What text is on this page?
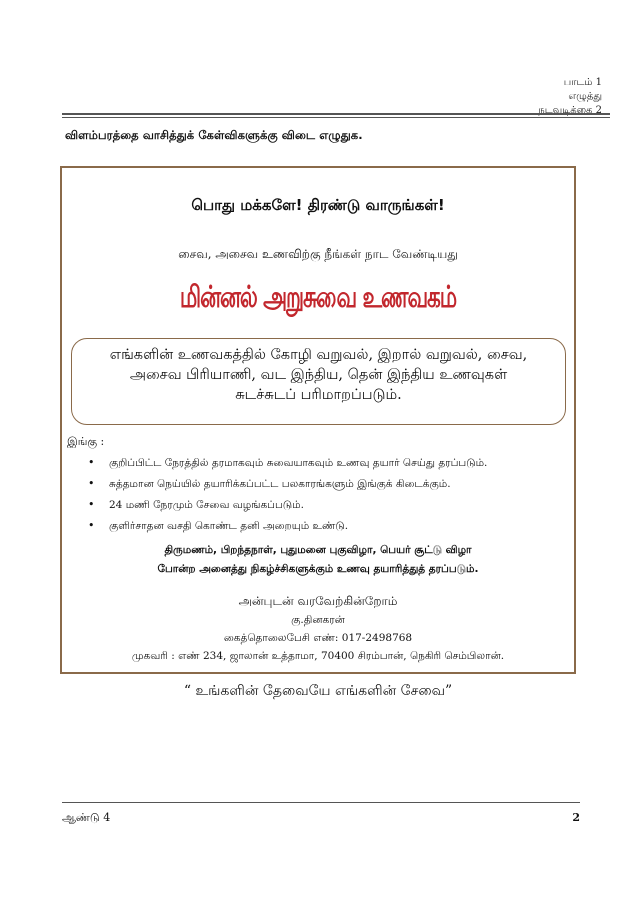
பாடம் 1
எழுத்து
நடவடிக்கை 2
விளம்பரத்தை வாசித்துக் கேள்விகளுக்கு விடை எழுதுக.
பொது மக்களே! திரண்டு வாருங்கள்!
சைவ, அசைவ உணவிற்கு நீங்கள் நாட வேண்டியது
மின்னல் அறுசுவை உணவகம்
எங்களின் உணவகத்தில் கோழி வறுவல், இறால் வறுவல், சைவ,
அசைவ பிரியாணி, வட இந்திய, தென் இந்திய உணவுகள்
சுடச்சுடப் பரிமாறப்படும்.
இங்கு :
• குறிப்பிட்ட நேரத்தில் தரமாகவும் சுவையாகவும் உணவு தயார் செய்து தரப்படும்.
• சுத்தமான நெய்யில் தயாரிக்கப்பட்ட பலகாரங்களும் இங்குக் கிடைக்கும்.
• 24 மணி நேரமும் சேவை வழங்கப்படும்.
• குளிர்சாதன வசதி கொண்ட தனி அறையும் உண்டு.
திருமணம், பிறந்தநாள், புதுமனை புகுவிழா, பெயர் சூட்டு விழா
போன்ற அனைத்து நிகழ்ச்சிகளுக்கும் உணவு தயாரித்துத் தரப்படும்.
அன்புடன் வரவேற்கின்றோம்
கு.தினகரன்
கைத்தொலைபேசி எண்: 017-2498768
முகவரி : எண் 234, ஜாலான் உத்தாமா, 70400 சிரம்பான், நெகிரி செம்பிலான்.
“ உங்களின் தேவையே எங்களின் சேவை”
ஆண்டு 4	2
